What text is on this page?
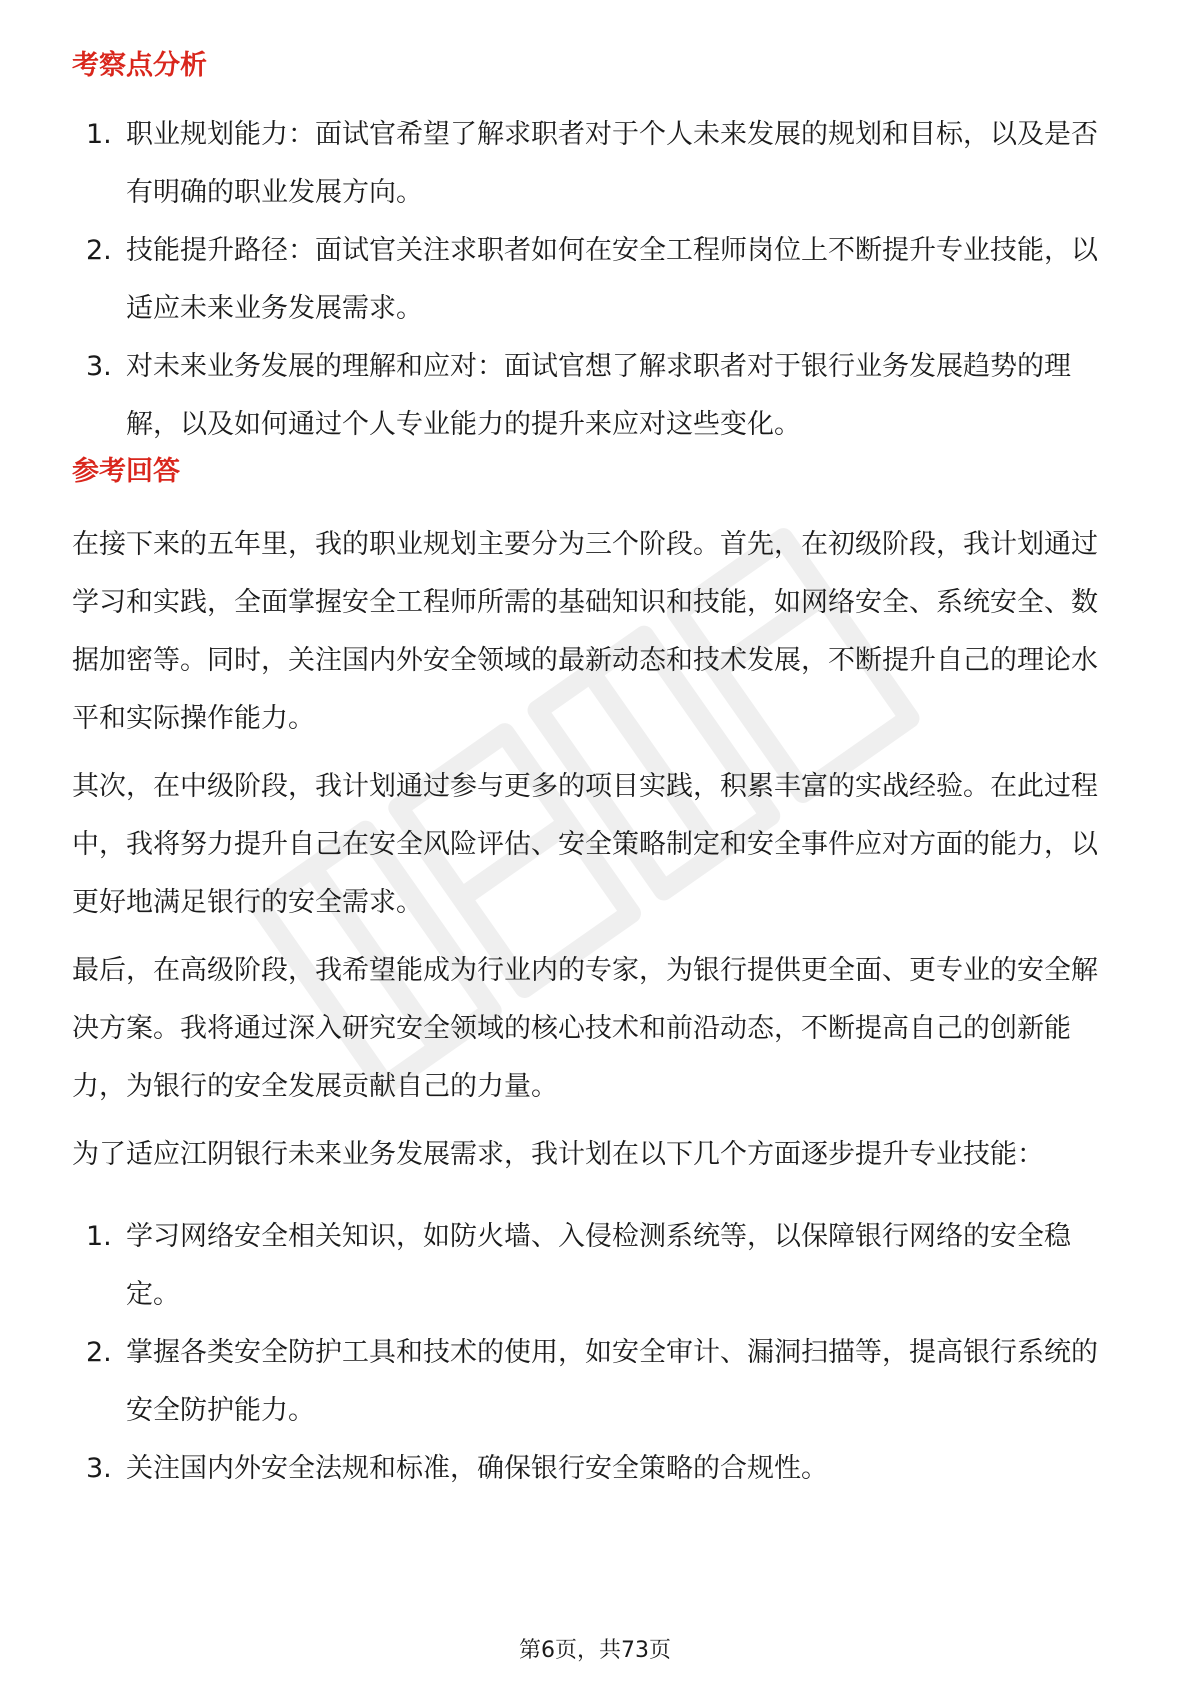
考察点分析
1. 职业规划能力：面试官希望了解求职者对于个人未来发展的规划和目标，以及是否有明确的职业发展方向。
2. 技能提升路径：面试官关注求职者如何在安全工程师岗位上不断提升专业技能，以适应未来业务发展需求。
3. 对未来业务发展的理解和应对：面试官想了解求职者对于银行业务发展趋势的理解，以及如何通过个人专业能力的提升来应对这些变化。
参考回答

在接下来的五年里，我的职业规划主要分为三个阶段。首先，在初级阶段，我计划通过学习和实践，全面掌握安全工程师所需的基础知识和技能，如网络安全、系统安全、数据加密等。同时，关注国内外安全领域的最新动态和技术发展，不断提升自己的理论水平和实际操作能力。

其次，在中级阶段，我计划通过参与更多的项目实践，积累丰富的实战经验。在此过程中，我将努力提升自己在安全风险评估、安全策略制定和安全事件应对方面的能力，以更好地满足银行的安全需求。

最后，在高级阶段，我希望能成为行业内的专家，为银行提供更全面、更专业的安全解决方案。我将通过深入研究安全领域的核心技术和前沿动态，不断提高自己的创新能力，为银行的安全发展贡献自己的力量。

为了适应江阴银行未来业务发展需求，我计划在以下几个方面逐步提升专业技能：

1. 学习网络安全相关知识，如防火墙、入侵检测系统等，以保障银行网络的安全稳定。
2. 掌握各类安全防护工具和技术的使用，如安全审计、漏洞扫描等，提高银行系统的安全防护能力。
3. 关注国内外安全法规和标准，确保银行安全策略的合规性。
第6页，共73页
